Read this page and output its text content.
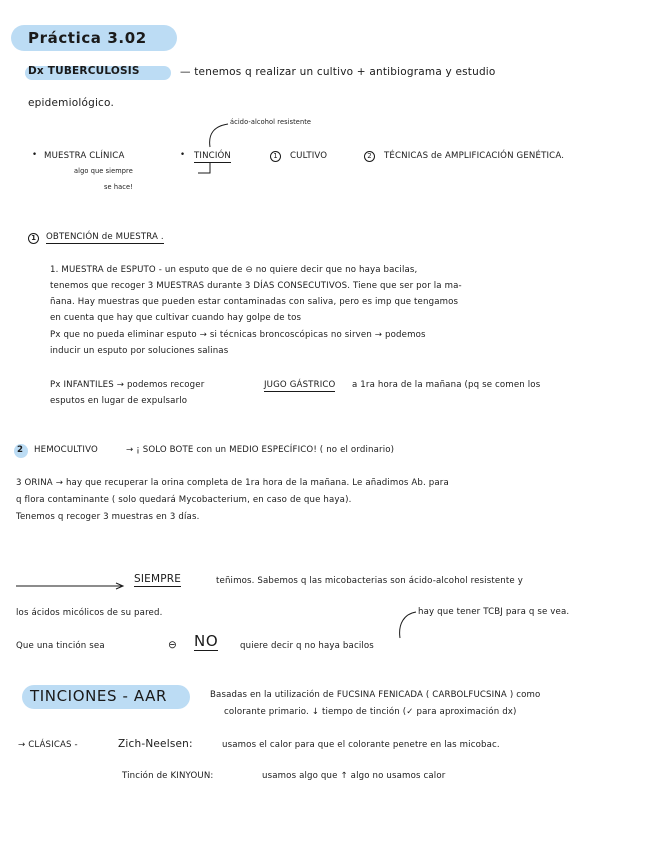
Práctica 3.02
Dx TUBERCULOSIS	— tenemos q realizar un cultivo + antibiograma y estudio
epidemiológico.
ácido-alcohol resistente
• MUESTRA CLÍNICA
algo que siempre
se hace!
• TINCIÓN	1	CULTIVO	2	TÉCNICAS de AMPLIFICACIÓN GENÉTICA.
1	OBTENCIÓN de MUESTRA .
1. MUESTRA de ESPUTO - un esputo que de ⊖ no quiere decir que no haya bacilas,
tenemos que recoger 3 MUESTRAS durante 3 DÍAS CONSECUTIVOS. Tiene que ser por la ma-
ñana. Hay muestras que pueden estar contaminadas con saliva, pero es imp que tengamos
en cuenta que hay que cultivar cuando hay golpe de tos
Px que no pueda eliminar esputo → si técnicas broncoscópicas no sirven → podemos
inducir un esputo por soluciones salinas
Px INFANTILES → podemos recoger	JUGO GÁSTRICO a 1ra hora de la mañana (pq se comen los
esputos en lugar de expulsarlo
2 HEMOCULTIVO	→ ¡ SOLO BOTE con un MEDIO ESPECÍFICO! ( no el ordinario)
3 ORINA → hay que recuperar la orina completa de 1ra hora de la mañana. Le añadimos Ab. para
q flora contaminante ( solo quedará Mycobacterium, en caso de que haya).
Tenemos q recoger 3 muestras en 3 días.
SIEMPRE	teñimos. Sabemos q las micobacterias son ácido-alcohol resistente y
los ácidos micólicos de su pared.	hay que tener TCBJ para q se vea.
Que una tinción sea	⊖ NO	quiere decir q no haya bacilos
TINCIONES - AAR	Basadas en la utilización de FUCSINA FENICADA ( CARBOLFUCSINA ) como
colorante primario. ↓ tiempo de tinción (✓ para aproximación dx)
→ CLÁSICAS -	Zich-Neelsen:	usamos el calor para que el colorante penetre en las micobac.
Tinción de KINYOUN:	usamos algo que ↑ algo no usamos calor
